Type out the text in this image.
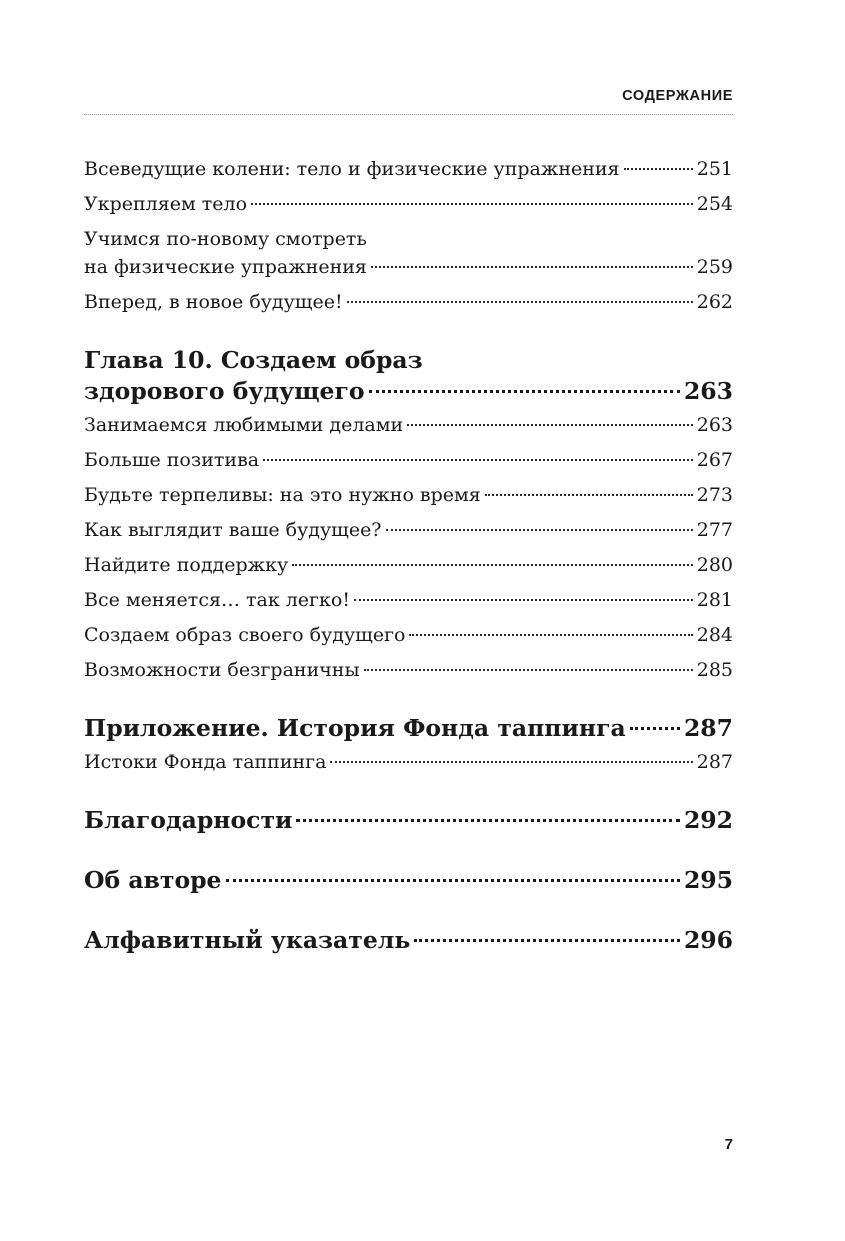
СОДЕРЖАНИЕ
Всеведущие колени: тело и физические упражнения	251
Укрепляем тело	254
Учимся по-новому смотреть
на физические упражнения	259
Вперед, в новое будущее!	262
Глава 10. Создаем образ
здорового будущего	263
Занимаемся любимыми делами	263
Больше позитива	267
Будьте терпеливы: на это нужно время	273
Как выглядит ваше будущее?	277
Найдите поддержку	280
Все меняется… так легко!	281
Создаем образ своего будущего	284
Возможности безграничны	285
Приложение. История Фонда таппинга 287
Истоки Фонда таппинга	287
Благодарности	292
Об авторе	295
Алфавитный указатель	296
7
